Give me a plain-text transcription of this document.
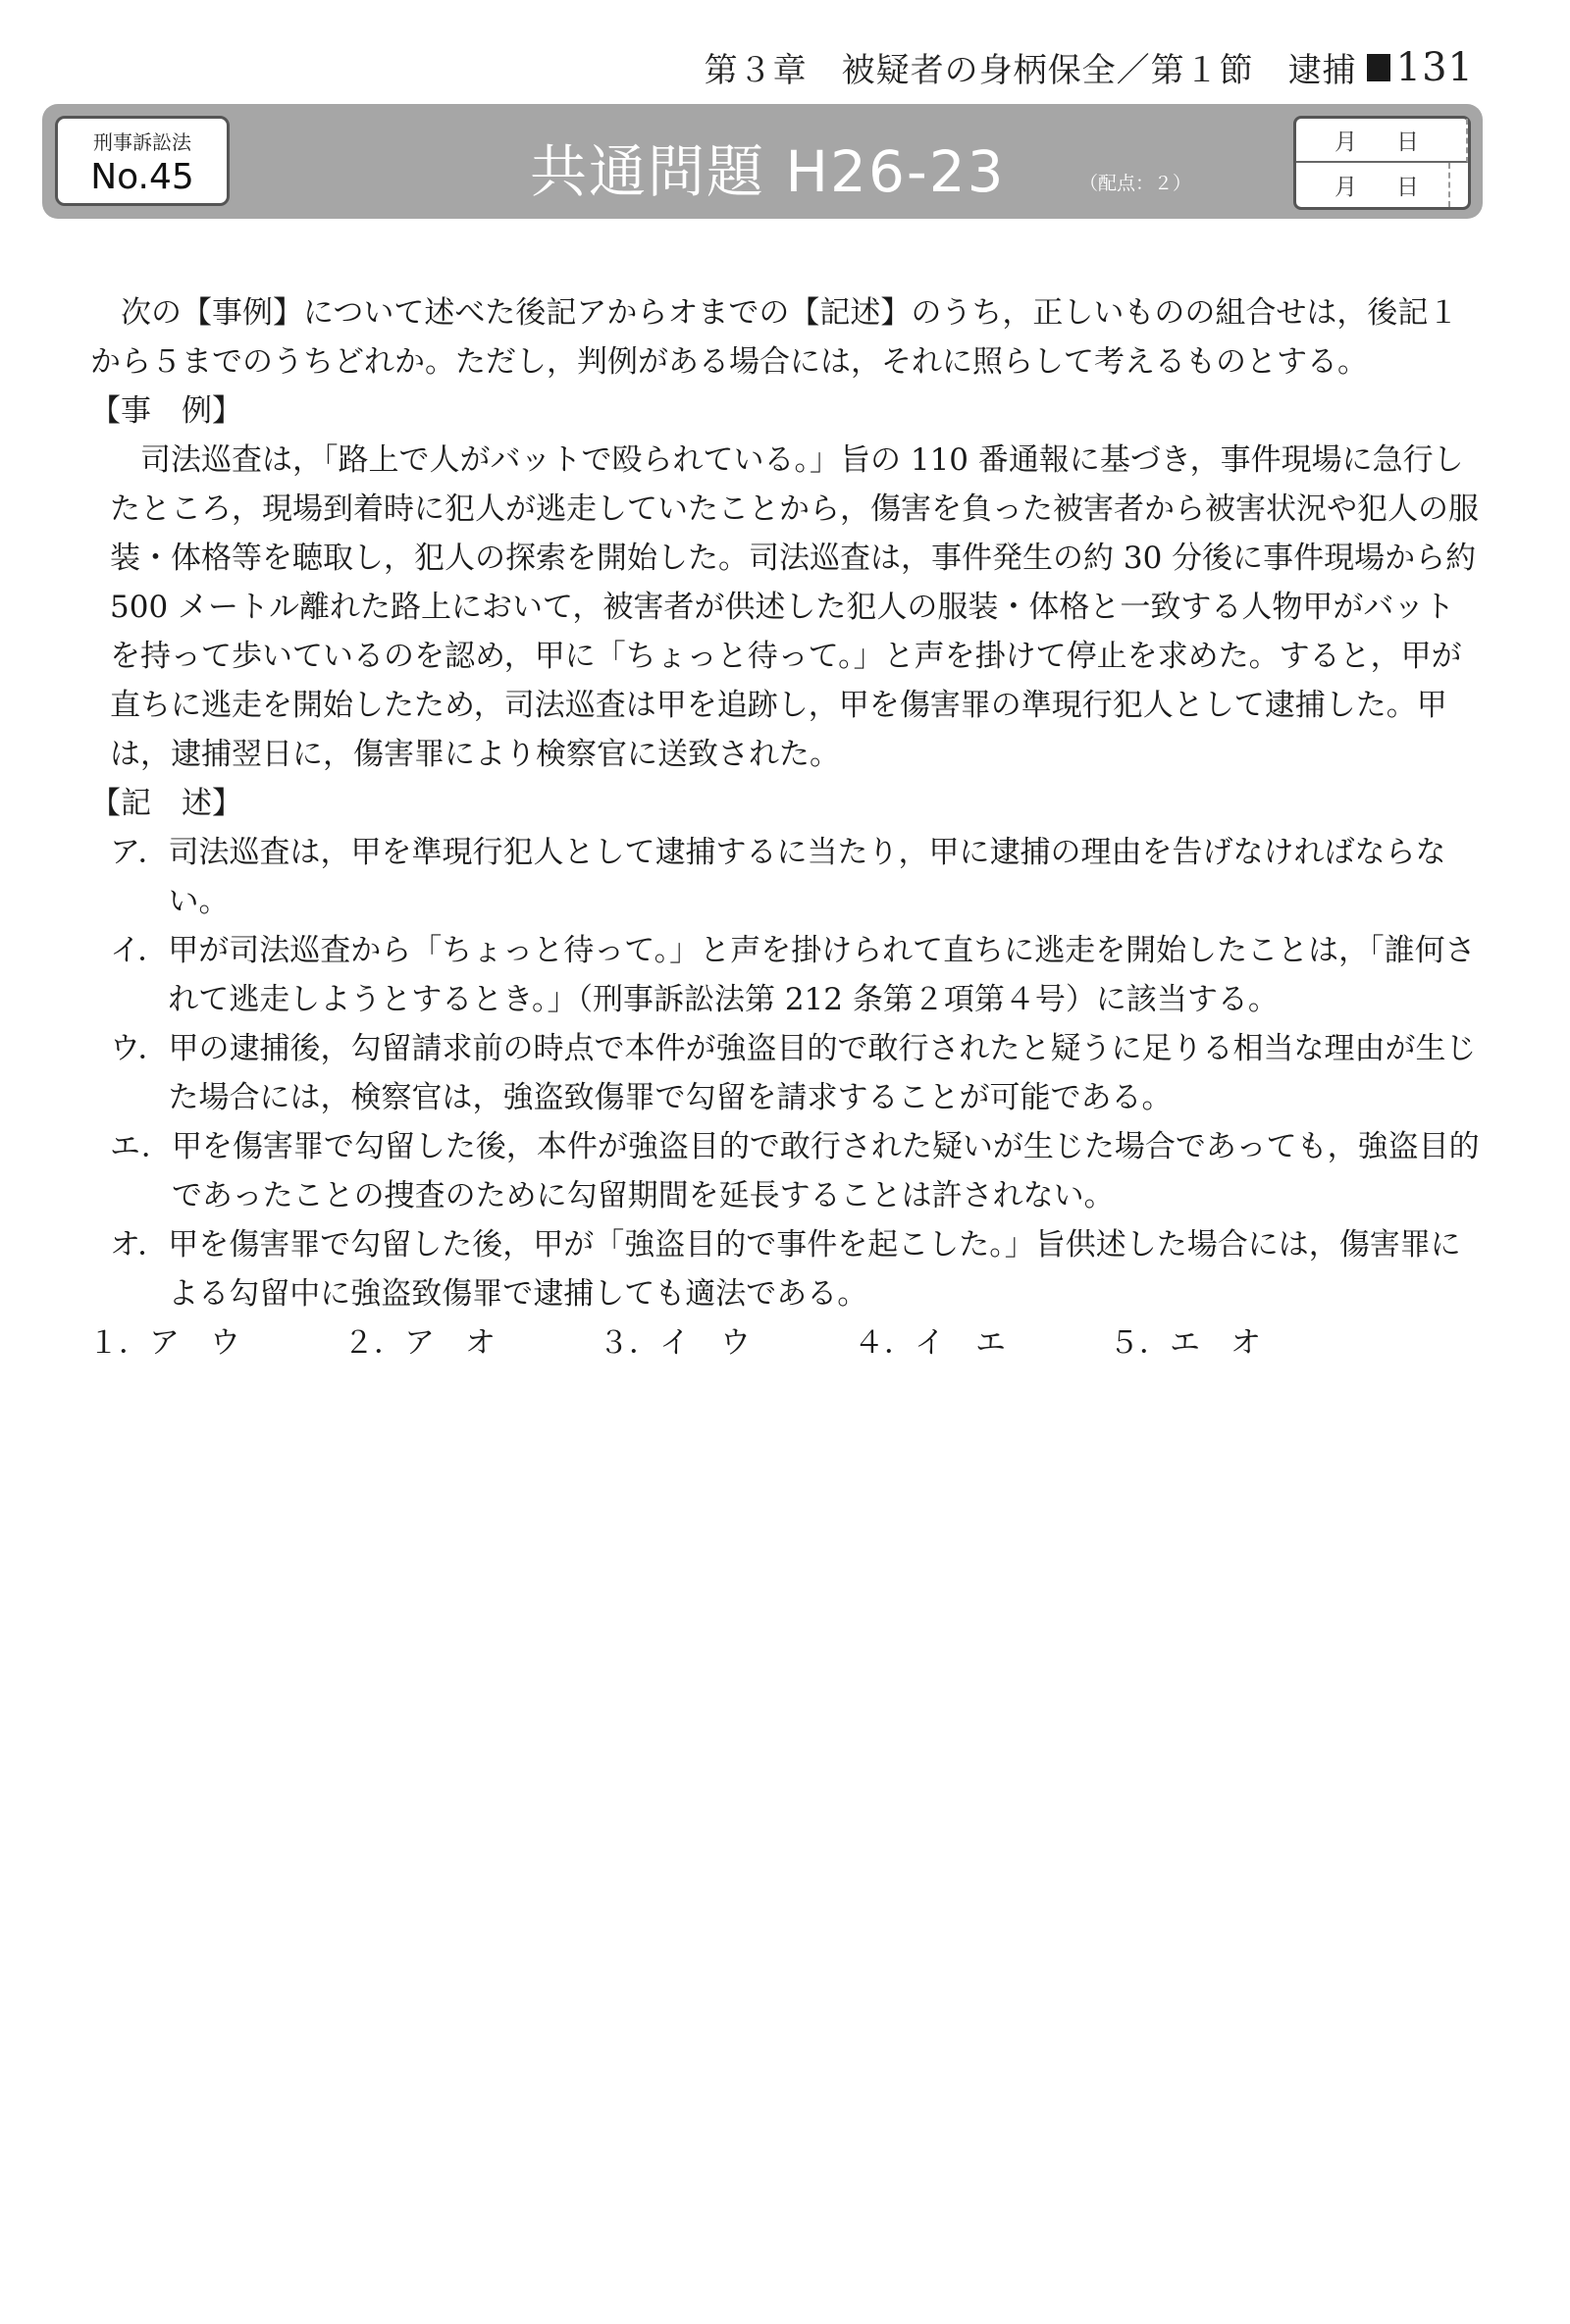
第３章　被疑者の身柄保全／第１節　逮捕 131
刑事訴訟法
No.45	共通問題 H26-23	（配点：２）
月 日
月 日

次の【事例】について述べた後記アからオまでの【記述】のうち，正しいものの組合せは，後記１から５までのうちどれか。ただし，判例がある場合には，それに照らして考えるものとする。

【事　例】

司法巡査は，「路上で人がバットで殴られている。」旨の 110 番通報に基づき，事件現場に急行したところ，現場到着時に犯人が逃走していたことから，傷害を負った被害者から被害状況や犯人の服装・体格等を聴取し，犯人の探索を開始した。司法巡査は，事件発生の約 30 分後に事件現場から約 500 メートル離れた路上において，被害者が供述した犯人の服装・体格と一致する人物甲がバットを持って歩いているのを認め，甲に「ちょっと待って。」と声を掛けて停止を求めた。すると，甲が直ちに逃走を開始したため，司法巡査は甲を追跡し，甲を傷害罪の準現行犯人として逮捕した。甲は，逮捕翌日に，傷害罪により検察官に送致された。

【記　述】

ア． 司法巡査は，甲を準現行犯人として逮捕するに当たり，甲に逮捕の理由を告げなければならない。
イ． 甲が司法巡査から「ちょっと待って。」と声を掛けられて直ちに逃走を開始したことは，「誰何されて逃走しようとするとき。」（刑事訴訟法第 212 条第２項第４号）に該当する。
ウ． 甲の逮捕後，勾留請求前の時点で本件が強盗目的で敢行されたと疑うに足りる相当な理由が生じた場合には，検察官は，強盗致傷罪で勾留を請求することが可能である。
エ． 甲を傷害罪で勾留した後，本件が強盗目的で敢行された疑いが生じた場合であっても，強盗目的であったことの捜査のために勾留期間を延長することは許されない。
オ． 甲を傷害罪で勾留した後，甲が「強盗目的で事件を起こした。」旨供述した場合には，傷害罪による勾留中に強盗致傷罪で逮捕しても適法である。
１．ア　ウ	２．ア　オ	３．イ　ウ	４．イ　エ	５．エ　オ
